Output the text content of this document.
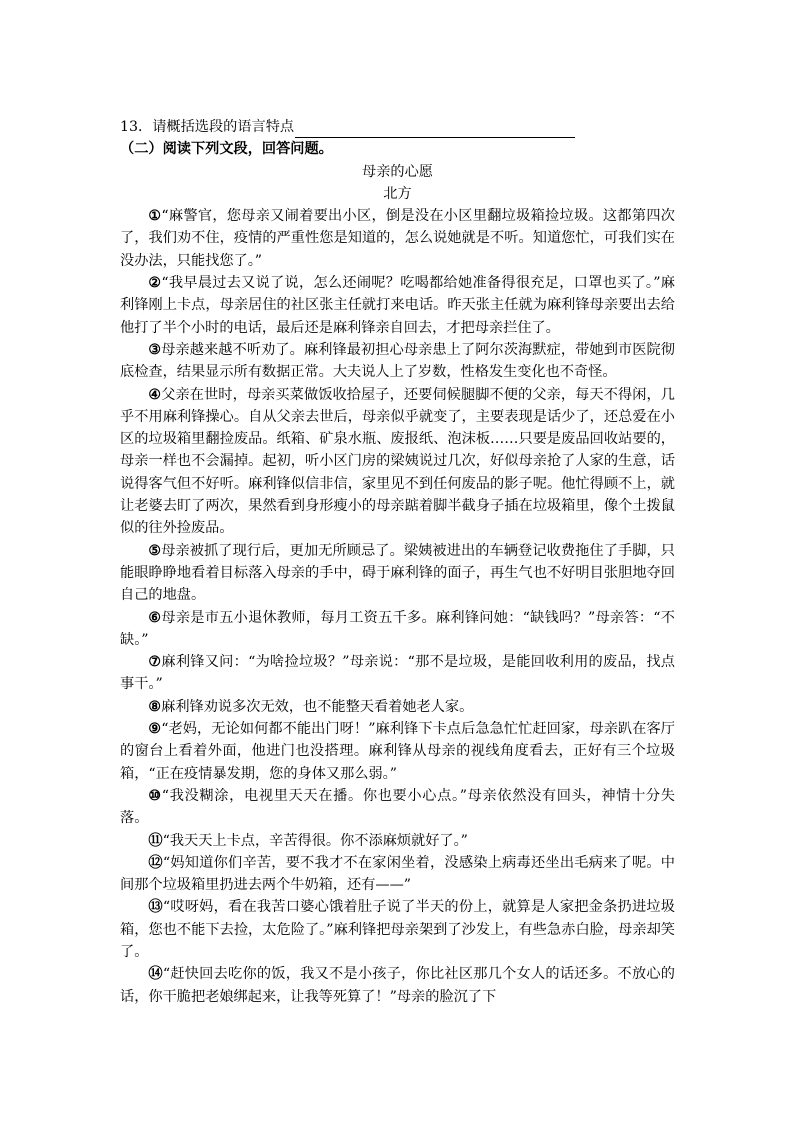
13．请概括选段的语言特点
（二）阅读下列文段，回答问题。
母亲的心愿
北方

①“麻警官，您母亲又闹着要出小区，倒是没在小区里翻垃圾箱捡垃圾。这都第四次了，我们劝不住，疫情的严重性您是知道的，怎么说她就是不听。知道您忙，可我们实在没办法，只能找您了。”

②“我早晨过去又说了说，怎么还闹呢？吃喝都给她准备得很充足，口罩也买了。”麻利锋刚上卡点，母亲居住的社区张主任就打来电话。昨天张主任就为麻利锋母亲要出去给他打了半个小时的电话，最后还是麻利锋亲自回去，才把母亲拦住了。

③母亲越来越不听劝了。麻利锋最初担心母亲患上了阿尔茨海默症，带她到市医院彻底检查，结果显示所有数据正常。大夫说人上了岁数，性格发生变化也不奇怪。

④父亲在世时，母亲买菜做饭收拾屋子，还要伺候腿脚不便的父亲，每天不得闲，几乎不用麻利锋操心。自从父亲去世后，母亲似乎就变了，主要表现是话少了，还总爱在小区的垃圾箱里翻捡废品。纸箱、矿泉水瓶、废报纸、泡沫板……只要是废品回收站要的，母亲一样也不会漏掉。起初，听小区门房的梁姨说过几次，好似母亲抢了人家的生意，话说得客气但不好听。麻利锋似信非信，家里见不到任何废品的影子呢。他忙得顾不上，就让老婆去盯了两次，果然看到身形瘦小的母亲踮着脚半截身子插在垃圾箱里，像个土拨鼠似的往外捡废品。

⑤母亲被抓了现行后，更加无所顾忌了。梁姨被进出的车辆登记收费拖住了手脚，只能眼睁睁地看着目标落入母亲的手中，碍于麻利锋的面子，再生气也不好明目张胆地夺回自己的地盘。

⑥母亲是市五小退休教师，每月工资五千多。麻利锋问她：“缺钱吗？”母亲答：“不缺。”

⑦麻利锋又问：“为啥捡垃圾？”母亲说：“那不是垃圾，是能回收利用的废品，找点事干。”

⑧麻利锋劝说多次无效，也不能整天看着她老人家。

⑨“老妈，无论如何都不能出门呀！”麻利锋下卡点后急急忙忙赶回家，母亲趴在客厅的窗台上看着外面，他进门也没搭理。麻利锋从母亲的视线角度看去，正好有三个垃圾箱，“正在疫情暴发期，您的身体又那么弱。”

⑩“我没糊涂，电视里天天在播。你也要小心点。”母亲依然没有回头，神情十分失落。

⑪“我天天上卡点，辛苦得很。你不添麻烦就好了。”

⑫“妈知道你们辛苦，要不我才不在家闲坐着，没感染上病毒还坐出毛病来了呢。中间那个垃圾箱里扔进去两个牛奶箱，还有——”

⑬“哎呀妈，看在我苦口婆心饿着肚子说了半天的份上，就算是人家把金条扔进垃圾箱，您也不能下去捡，太危险了。”麻利锋把母亲架到了沙发上，有些急赤白脸，母亲却笑了。

⑭“赶快回去吃你的饭，我又不是小孩子，你比社区那几个女人的话还多。不放心的话，你干脆把老娘绑起来，让我等死算了！”母亲的脸沉了下
